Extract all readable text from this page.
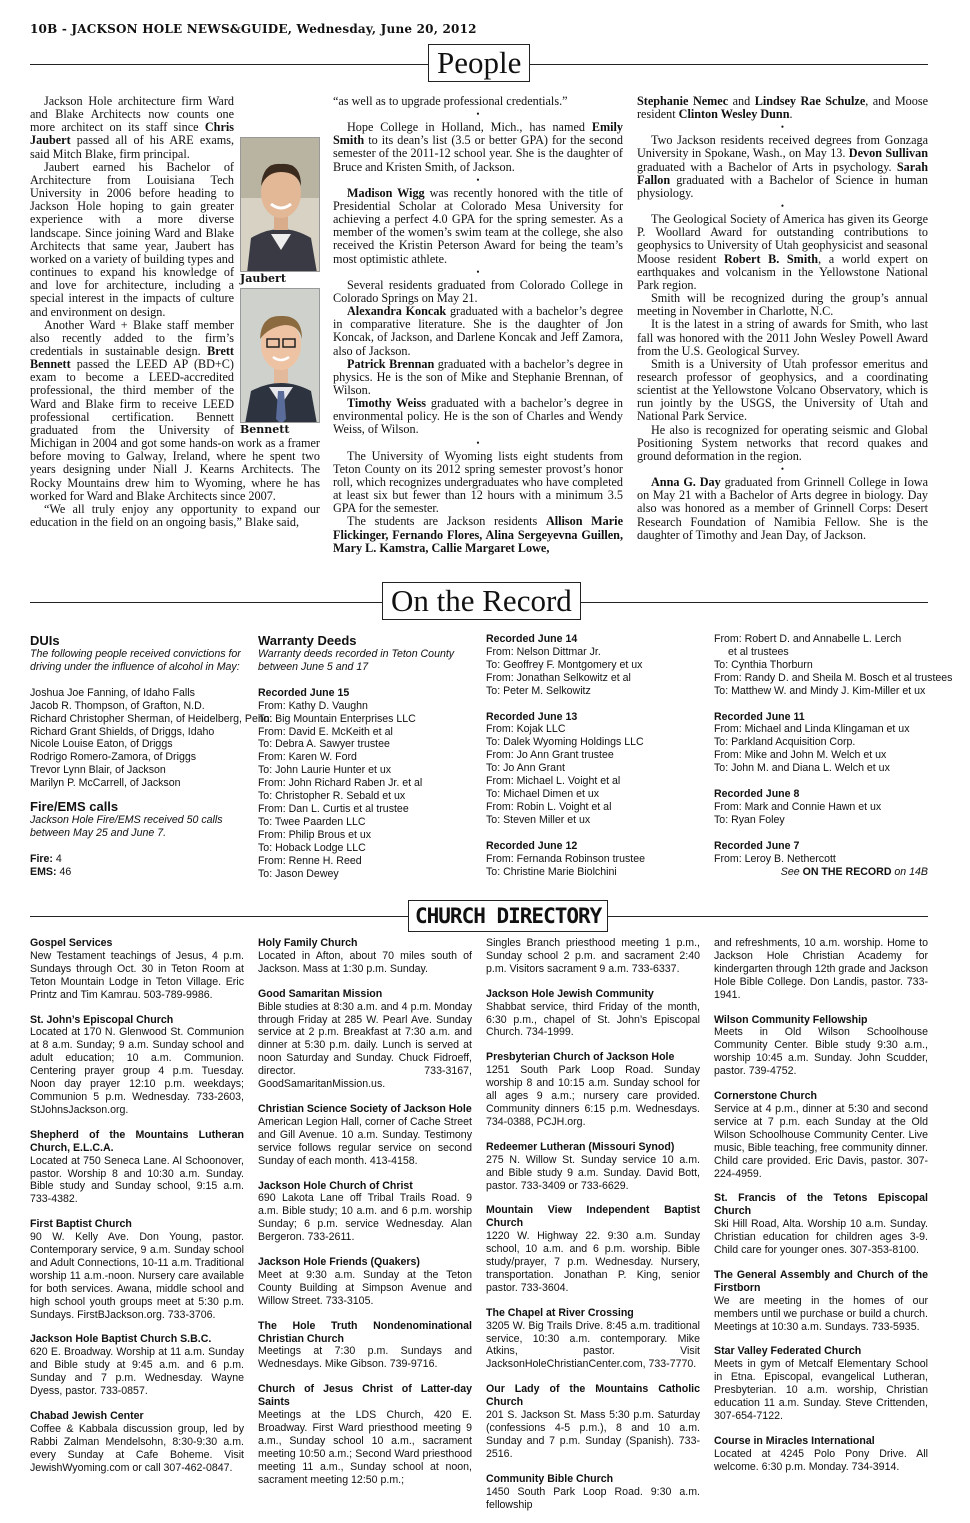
10B - JACKSON HOLE NEWS&GUIDE, Wednesday, June 20, 2012
People
Jaubert
Bennett

Jackson Hole architecture firm Ward and Blake Architects now counts one more architect on its staff since Chris Jaubert passed all of his ARE exams, said Mitch Blake, firm principal.

Jaubert earned his Bachelor of Architecture from Louisiana Tech University in 2006 before heading to Jackson Hole hoping to gain greater experience with a more diverse landscape. Since joining Ward and Blake Architects that same year, Jaubert has worked on a variety of building types and continues to expand his knowledge of and love for architecture, including a special interest in the impacts of culture and environment on design.

Another Ward + Blake staff member also recently added to the firm’s credentials in sustainable design. Brett Bennett passed the LEED AP (BD+C) exam to become a LEED-accredited professional, the third member of the Ward and Blake firm to receive LEED professional certification. Bennett graduated from the University of Michigan in 2004 and got some hands-on work as a framer before moving to Galway, Ireland, where he spent two years designing under Niall J. Kearns Architects. The Rocky Mountains drew him to Wyoming, where he has worked for Ward and Blake Architects since 2007.

“We all truly enjoy any opportunity to expand our education in the field on an ongoing basis,” Blake said,

“as well as to upgrade professional credentials.”

•

Hope College in Holland, Mich., has named Emily Smith to its dean’s list (3.5 or better GPA) for the second semester of the 2011-12 school year. She is the daughter of Bruce and Kristen Smith, of Jackson.

•

Madison Wigg was recently honored with the title of Presidential Scholar at Colorado Mesa University for achieving a perfect 4.0 GPA for the spring semester. As a member of the women’s swim team at the college, she also received the Kristin Peterson Award for being the team’s most optimistic athlete.

•

Several residents graduated from Colorado College in Colorado Springs on May 21.

Alexandra Koncak graduated with a bachelor’s degree in comparative literature. She is the daughter of Jon Koncak, of Jackson, and Darlene Koncak and Jeff Zamora, also of Jackson.

Patrick Brennan graduated with a bachelor’s degree in physics. He is the son of Mike and Stephanie Brennan, of Wilson.

Timothy Weiss graduated with a bachelor’s degree in environmental policy. He is the son of Charles and Wendy Weiss, of Wilson.

•

The University of Wyoming lists eight students from Teton County on its 2012 spring semester provost’s honor roll, which recognizes undergraduates who have completed at least six but fewer than 12 hours with a minimum 3.5 GPA for the semester.

The students are Jackson residents Allison Marie Flickinger, Fernando Flores, Alina Sergeyevna Guillen, Mary L. Kamstra, Callie Margaret Lowe,

Stephanie Nemec and Lindsey Rae Schulze, and Moose resident Clinton Wesley Dunn.

•

Two Jackson residents received degrees from Gonzaga University in Spokane, Wash., on May 13. Devon Sullivan graduated with a Bachelor of Arts in psychology. Sarah Fallon graduated with a Bachelor of Science in human physiology.

•

The Geological Society of America has given its George P. Woollard Award for outstanding contributions to geophysics to University of Utah geophysicist and seasonal Moose resident Robert B. Smith, a world expert on earthquakes and volcanism in the Yellowstone National Park region.

Smith will be recognized during the group’s annual meeting in November in Charlotte, N.C.

It is the latest in a string of awards for Smith, who last fall was honored with the 2011 John Wesley Powell Award from the U.S. Geological Survey.

Smith is a University of Utah professor emeritus and research professor of geophysics, and a coordinating scientist at the Yellowstone Volcano Observatory, which is run jointly by the USGS, the University of Utah and National Park Service.

He also is recognized for operating seismic and Global Positioning System networks that record quakes and ground deformation in the region.

•

Anna G. Day graduated from Grinnell College in Iowa on May 21 with a Bachelor of Arts degree in biology. Day also was honored as a member of Grinnell Corps: Desert Research Foundation of Namibia Fellow. She is the daughter of Timothy and Jean Day, of Jackson.

On the Record
DUIs
The following people received convictions for driving under the influence of alcohol in May:
Joshua Joe Fanning, of Idaho Falls
Jacob R. Thompson, of Grafton, N.D.
Richard Christopher Sherman, of Heidelberg, Penn.
Richard Grant Shields, of Driggs, Idaho
Nicole Louise Eaton, of Driggs
Rodrigo Romero-Zamora, of Driggs
Trevor Lynn Blair, of Jackson
Marilyn P. McCarrell, of Jackson
Fire/EMS calls
Jackson Hole Fire/EMS received 50 calls between May 25 and June 7.
Fire: 4
EMS: 46
Warranty Deeds
Warranty deeds recorded in Teton County between June 5 and 17
Recorded June 15
From: Kathy D. Vaughn
To: Big Mountain Enterprises LLC
From: David E. McKeith et al
To: Debra A. Sawyer trustee
From: Karen W. Ford
To: John Laurie Hunter et ux
From: John Richard Raben Jr. et al
To: Christopher R. Sebald et ux
From: Dan L. Curtis et al trustee
To: Twee Paarden LLC
From: Philip Brous et ux
To: Hoback Lodge LLC
From: Renne H. Reed
To: Jason Dewey
Recorded June 14
From: Nelson Dittmar Jr.
To: Geoffrey F. Montgomery et ux
From: Jonathan Selkowitz et al
To: Peter M. Selkowitz
Recorded June 13
From: Kojak LLC
To: Dalek Wyoming Holdings LLC
From: Jo Ann Grant trustee
To: Jo Ann Grant
From: Michael L. Voight et al
To: Michael Dimen et ux
From: Robin L. Voight et al
To: Steven Miller et ux
Recorded June 12
From: Fernanda Robinson trustee
To: Christine Marie Biolchini
From: Robert D. and Annabelle L. Lerch
et al trustees
To: Cynthia Thorburn
From: Randy D. and Sheila M. Bosch et al trustees
To: Matthew W. and Mindy J. Kim-Miller et ux
Recorded June 11
From: Michael and Linda Klingaman et ux
To: Parkland Acquisition Corp.
From: Mike and John M. Welch et ux
To: John M. and Diana L. Welch et ux
Recorded June 8
From: Mark and Connie Hawn et ux
To: Ryan Foley
Recorded June 7
From: Leroy B. Nethercott
See ON THE RECORD on 14B
CHURCH DIRECTORY
Gospel Services
New Testament teachings of Jesus, 4 p.m. Sundays through Oct. 30 in Teton Room at Teton Mountain Lodge in Teton Village. Eric Printz and Tim Kamrau. 503-789-9986.
St. John’s Episcopal Church
Located at 170 N. Glenwood St. Communion at 8 a.m. Sunday; 9 a.m. Sunday school and adult education; 10 a.m. Communion. Centering prayer group 4 p.m. Tuesday. Noon day prayer 12:10 p.m. weekdays; Communion 5 p.m. Wednesday. 733-2603, StJohnsJackson.org.
Shepherd of the Mountains Lutheran Church, E.L.C.A.
Located at 750 Seneca Lane. Al Schoonover, pastor. Worship 8 and 10:30 a.m. Sunday. Bible study and Sunday school, 9:15 a.m. 733-4382.
First Baptist Church
90 W. Kelly Ave. Don Young, pastor. Contemporary service, 9 a.m. Sunday school and Adult Connections, 10-11 a.m. Traditional worship 11 a.m.-noon. Nursery care available for both services. Awana, middle school and high school youth groups meet at 5:30 p.m. Sundays. FirstBJackson.org. 733-3706.
Jackson Hole Baptist Church S.B.C.
620 E. Broadway. Worship at 11 a.m. Sunday and Bible study at 9:45 a.m. and 6 p.m. Sunday and 7 p.m. Wednesday. Wayne Dyess, pastor. 733-0857.
Chabad Jewish Center
Coffee & Kabbala discussion group, led by Rabbi Zalman Mendelsohn, 8:30-9:30 a.m. every Sunday at Cafe Boheme. Visit JewishWyoming.com or call 307-462-0847.
Holy Family Church
Located in Afton, about 70 miles south of Jackson. Mass at 1:30 p.m. Sunday.
Good Samaritan Mission
Bible studies at 8:30 a.m. and 4 p.m. Monday through Friday at 285 W. Pearl Ave. Sunday service at 2 p.m. Breakfast at 7:30 a.m. and dinner at 5:30 p.m. daily. Lunch is served at noon Saturday and Sunday. Chuck Fidroeff, director. 733-3167, GoodSamaritanMission.us.
Christian Science Society of Jackson Hole
American Legion Hall, corner of Cache Street and Gill Avenue. 10 a.m. Sunday. Testimony service follows regular service on second Sunday of each month. 413-4158.
Jackson Hole Church of Christ
690 Lakota Lane off Tribal Trails Road. 9 a.m. Bible study; 10 a.m. and 6 p.m. worship Sunday; 6 p.m. service Wednesday. Alan Bergeron. 733-2611.
Jackson Hole Friends (Quakers)
Meet at 9:30 a.m. Sunday at the Teton County Building at Simpson Avenue and Willow Street. 733-3105.
The Hole Truth Nondenominational Christian Church
Meetings at 7:30 p.m. Sundays and Wednesdays. Mike Gibson. 739-9716.
Church of Jesus Christ of Latter-day Saints
Meetings at the LDS Church, 420 E. Broadway. First Ward priesthood meeting 9 a.m., Sunday school 10 a.m., sacrament meeting 10:50 a.m.; Second Ward priesthood meeting 11 a.m., Sunday school at noon, sacrament meeting 12:50 p.m.;
Singles Branch priesthood meeting 1 p.m., Sunday school 2 p.m. and sacrament 2:40 p.m. Visitors sacrament 9 a.m. 733-6337.
Jackson Hole Jewish Community
Shabbat service, third Friday of the month, 6:30 p.m., chapel of St. John’s Episcopal Church. 734-1999.
Presbyterian Church of Jackson Hole
1251 South Park Loop Road. Sunday worship 8 and 10:15 a.m. Sunday school for all ages 9 a.m.; nursery care provided. Community dinners 6:15 p.m. Wednesdays. 734-0388, PCJH.org.
Redeemer Lutheran (Missouri Synod)
275 N. Willow St. Sunday service 10 a.m. and Bible study 9 a.m. Sunday. David Bott, pastor. 733-3409 or 733-6629.
Mountain View Independent Baptist Church
1220 W. Highway 22. 9:30 a.m. Sunday school, 10 a.m. and 6 p.m. worship. Bible study/prayer, 7 p.m. Wednesday. Nursery, transportation. Jonathan P. King, senior pastor. 733-3604.
The Chapel at River Crossing
3205 W. Big Trails Drive. 8:45 a.m. traditional service, 10:30 a.m. contemporary. Mike Atkins, pastor. Visit JacksonHoleChristianCenter.com, 733-7770.
Our Lady of the Mountains Catholic Church
201 S. Jackson St. Mass 5:30 p.m. Saturday (confessions 4-5 p.m.), 8 and 10 a.m. Sunday and 7 p.m. Sunday (Spanish). 733-2516.
Community Bible Church
1450 South Park Loop Road. 9:30 a.m. fellowship
and refreshments, 10 a.m. worship. Home to Jackson Hole Christian Academy for kindergarten through 12th grade and Jackson Hole Bible College. Don Landis, pastor. 733-1941.
Wilson Community Fellowship
Meets in Old Wilson Schoolhouse Community Center. Bible study 9:30 a.m., worship 10:45 a.m. Sunday. John Scudder, pastor. 739-4752.
Cornerstone Church
Service at 4 p.m., dinner at 5:30 and second service at 7 p.m. each Sunday at the Old Wilson Schoolhouse Community Center. Live music, Bible teaching, free community dinner. Child care provided. Eric Davis, pastor. 307-224-4959.
St. Francis of the Tetons Episcopal Church
Ski Hill Road, Alta. Worship 10 a.m. Sunday. Christian education for children ages 3-9. Child care for younger ones. 307-353-8100.
The General Assembly and Church of the Firstborn
We are meeting in the homes of our members until we purchase or build a church. Meetings at 10:30 a.m. Sundays. 733-5935.
Star Valley Federated Church
Meets in gym of Metcalf Elementary School in Etna. Episcopal, evangelical Lutheran, Presbyterian. 10 a.m. worship, Christian education 11 a.m. Sunday. Steve Crittenden, 307-654-7122.
Course in Miracles International
Located at 4245 Polo Pony Drive. All welcome. 6:30 p.m. Monday. 734-3914.
